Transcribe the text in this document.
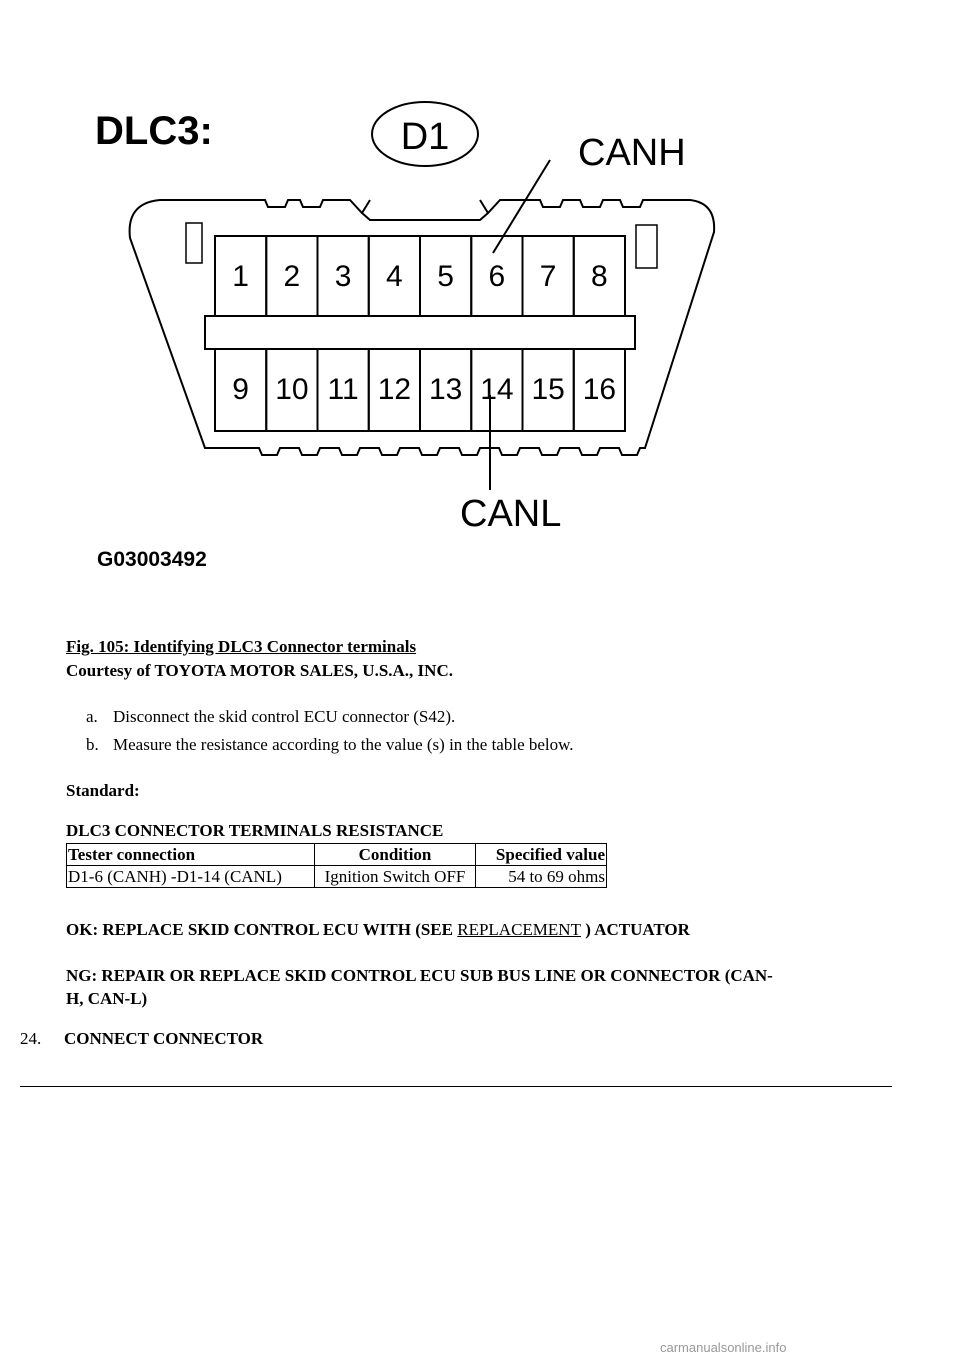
1 2 3 4 5 6 7 8
9 10 11 12 13 14 15 16
DLC3:	D1	CANH
CANL
G03003492
Fig. 105: Identifying DLC3 Connector terminals
Courtesy of TOYOTA MOTOR SALES, U.S.A., INC.
a. Disconnect the skid control ECU connector (S42).
b. Measure the resistance according to the value (s) in the table below.
Standard:
DLC3 CONNECTOR TERMINALS RESISTANCE
Tester connection	Condition	Specified value
D1-6 (CANH) -D1-14 (CANL)	Ignition Switch OFF	54 to 69 ohms
OK: REPLACE SKID CONTROL ECU WITH (SEE REPLACEMENT ) ACTUATOR
NG: REPAIR OR REPLACE SKID CONTROL ECU SUB BUS LINE OR CONNECTOR (CAN-
H, CAN-L)
24. CONNECT CONNECTOR
carmanualsonline.info
